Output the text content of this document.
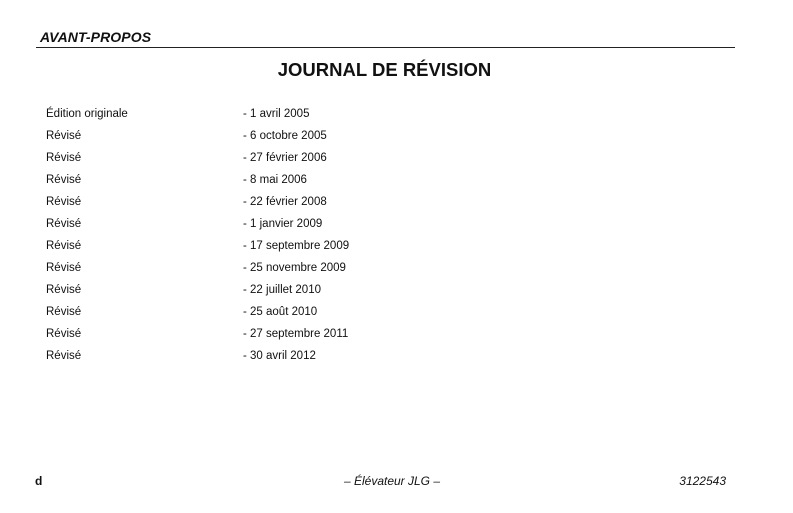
AVANT-PROPOS
JOURNAL DE RÉVISION
Édition originale	- 1 avril 2005
Révisé	- 6 octobre 2005
Révisé	- 27 février 2006
Révisé	- 8 mai 2006
Révisé	- 22 février 2008
Révisé	- 1 janvier 2009
Révisé	- 17 septembre 2009
Révisé	- 25 novembre 2009
Révisé	- 22 juillet 2010
Révisé	- 25 août 2010
Révisé	- 27 septembre 2011
Révisé	- 30 avril 2012
d	– Élévateur JLG –	3122543
